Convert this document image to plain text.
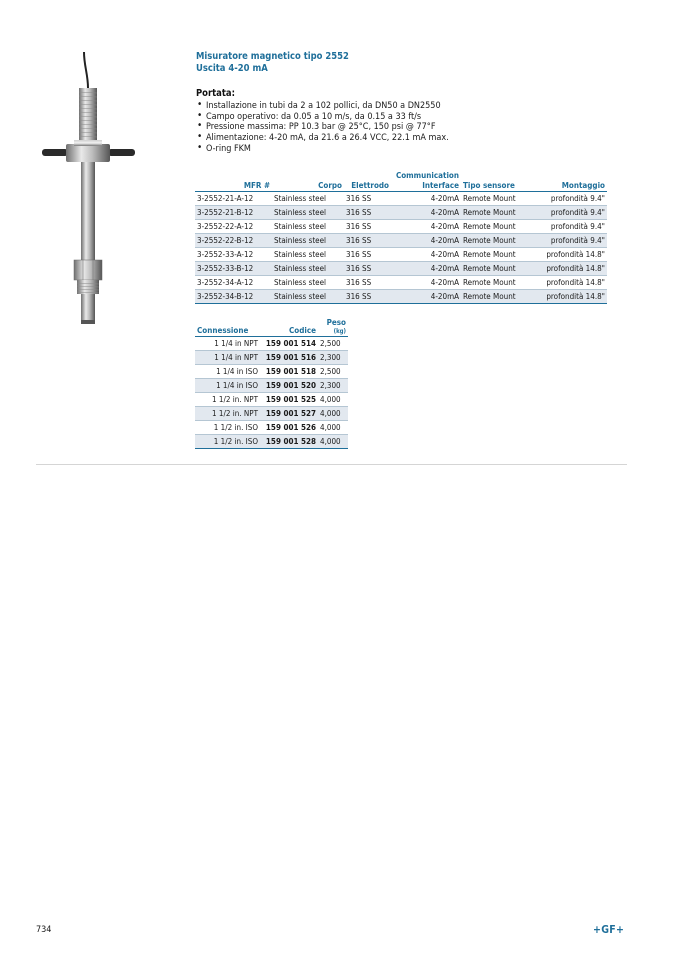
Misuratore magnetico tipo 2552
Uscita 4-20 mA
Portata:
• Installazione in tubi da 2 a 102 pollici, da DN50 a DN2550
• Campo operativo: da 0.05 a 10 m/s, da 0.15 a 33 ft/s
• Pressione massima: PP 10.3 bar @ 25°C, 150 psi @ 77°F
• Alimentazione: 4-20 mA, da 21.6 a 26.4 VCC, 22.1 mA max.
• O-ring FKM
MFR #	Corpo	Elettrodo	Communication Interface	Tipo sensore	Montaggio
3-2552-21-A-12	Stainless steel	316 SS	4-20mA	Remote Mount	profondità 9.4"
3-2552-21-B-12	Stainless steel	316 SS	4-20mA	Remote Mount	profondità 9.4"
3-2552-22-A-12	Stainless steel	316 SS	4-20mA	Remote Mount	profondità 9.4"
3-2552-22-B-12	Stainless steel	316 SS	4-20mA	Remote Mount	profondità 9.4"
3-2552-33-A-12	Stainless steel	316 SS	4-20mA	Remote Mount	profondità 14.8"
3-2552-33-B-12	Stainless steel	316 SS	4-20mA	Remote Mount	profondità 14.8"
3-2552-34-A-12	Stainless steel	316 SS	4-20mA	Remote Mount	profondità 14.8"
3-2552-34-B-12	Stainless steel	316 SS	4-20mA	Remote Mount	profondità 14.8"
Connessione	Codice	Peso
(kg)

1 1/4 in NPT	159 001 514	2,500
1 1/4 in NPT	159 001 516	2,300
1 1/4 in ISO	159 001 518	2,500
1 1/4 in ISO	159 001 520	2,300
1 1/2 in. NPT	159 001 525	4,000
1 1/2 in. NPT	159 001 527	4,000
1 1/2 in. ISO	159 001 526	4,000
1 1/2 in. ISO	159 001 528	4,000
734	+GF+
